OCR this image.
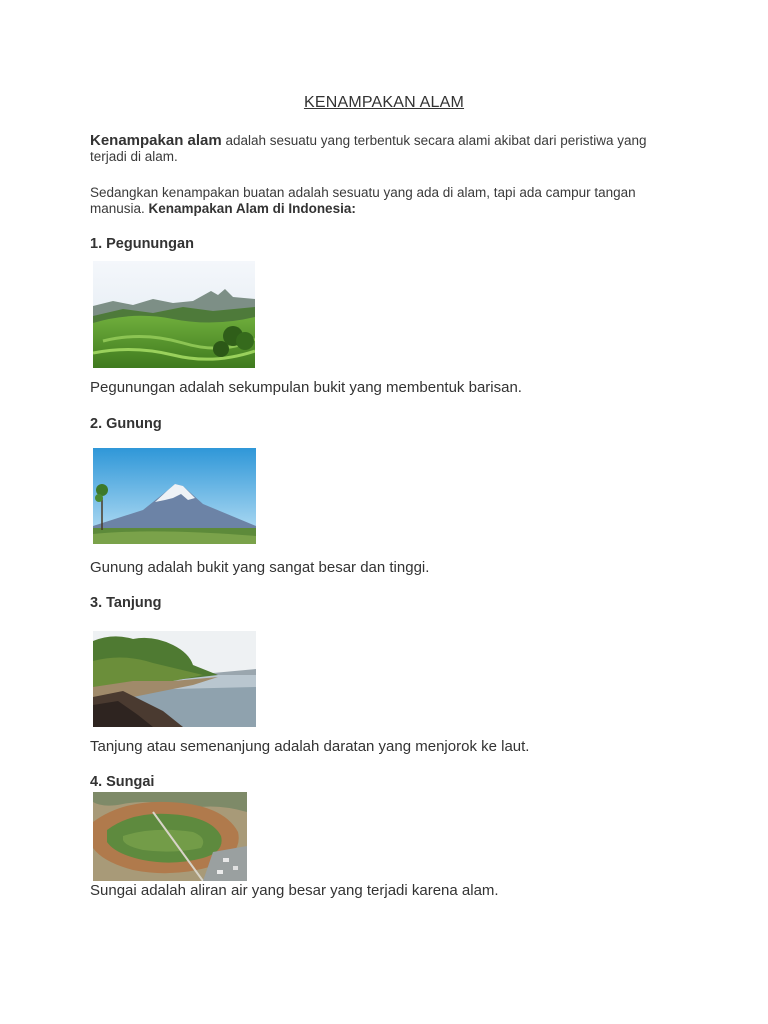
KENAMPAKAN ALAM
Kenampakan alam adalah sesuatu yang terbentuk secara alami akibat dari peristiwa yang terjadi di alam.
Sedangkan kenampakan buatan adalah sesuatu yang ada di alam, tapi ada campur tangan manusia. Kenampakan Alam di Indonesia:
1. Pegunungan
Pegunungan adalah sekumpulan bukit yang membentuk barisan.
2. Gunung
Gunung adalah bukit yang sangat besar dan tinggi.
3. Tanjung
Tanjung atau semenanjung adalah daratan yang menjorok ke laut.
4. Sungai
Sungai adalah aliran air yang besar yang terjadi karena alam.
